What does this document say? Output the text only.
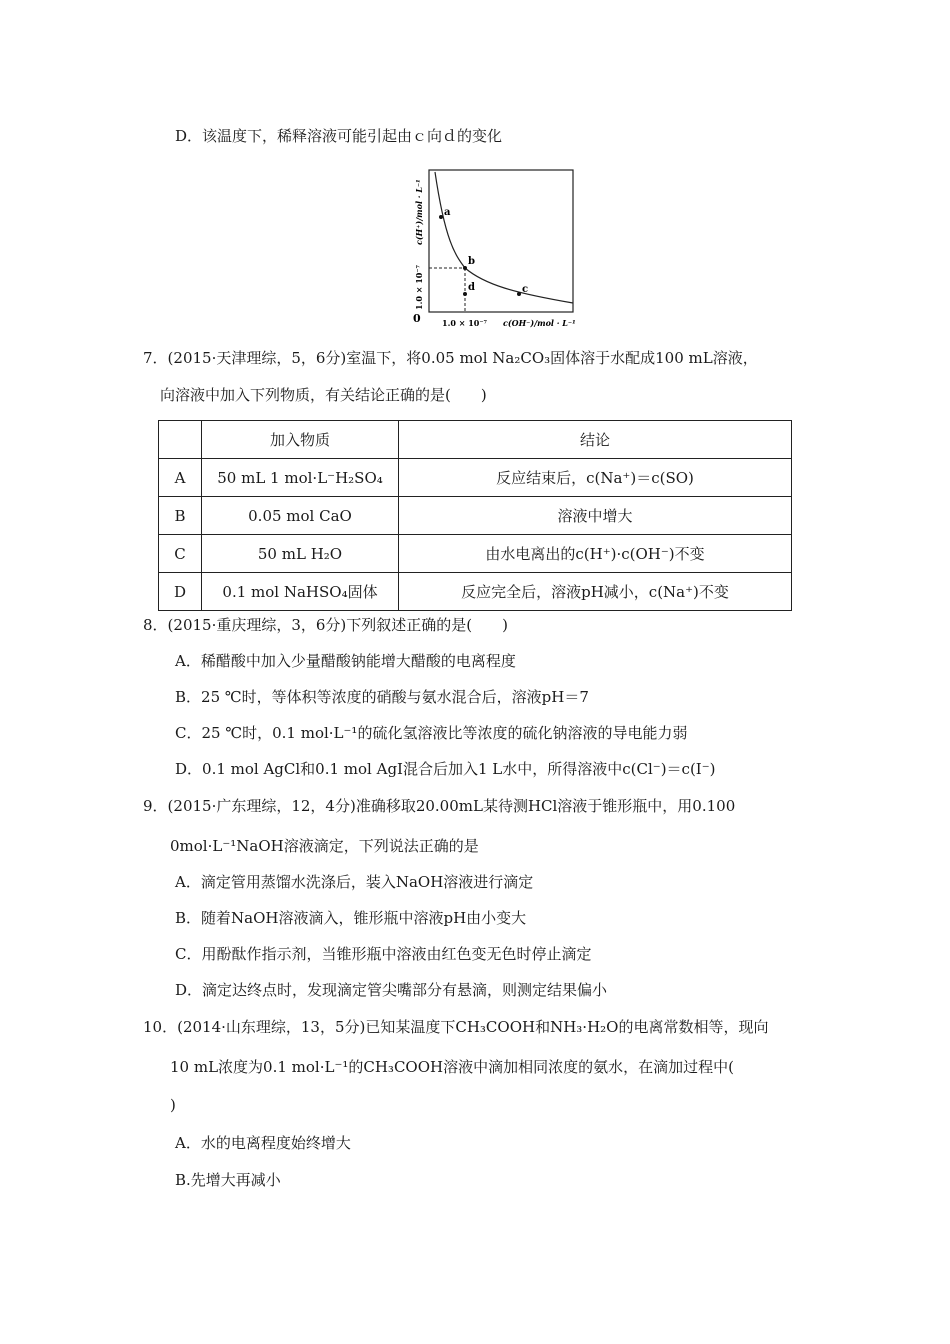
D．该温度下，稀释溶液可能引起由ｃ向ｄ的变化
a
b
c
d
0	1.0 × 10⁻⁷ c(OH⁻)/mol · L⁻¹
1.0 × 10⁻⁷
c(H⁺)/mol · L⁻¹
7．(2015·天津理综，5，6分)室温下，将0.05 mol Na₂CO₃固体溶于水配成100 mL溶液，
向溶液中加入下列物质，有关结论正确的是(　　)
	加入物质	结论
A	50 mL 1 mol·L⁻H₂SO₄	反应结束后，c(Na⁺)＝c(SO)
B	0.05 mol CaO	溶液中增大
C	50 mL H₂O	由水电离出的c(H⁺)·c(OH⁻)不变
D	0.1 mol NaHSO₄固体	反应完全后，溶液pH减小，c(Na⁺)不变
8．(2015·重庆理综，3，6分)下列叙述正确的是(　　)
A．稀醋酸中加入少量醋酸钠能增大醋酸的电离程度
B．25 ℃时，等体积等浓度的硝酸与氨水混合后，溶液pH＝7
C．25 ℃时，0.1 mol·L⁻¹的硫化氢溶液比等浓度的硫化钠溶液的导电能力弱
D．0.1 mol AgCl和0.1 mol AgI混合后加入1 L水中，所得溶液中c(Cl⁻)＝c(I⁻)
9．(2015·广东理综，12，4分)准确移取20.00mL某待测HCl溶液于锥形瓶中，用0.100
0mol·L⁻¹NaOH溶液滴定，下列说法正确的是
A．滴定管用蒸馏水洗涤后，装入NaOH溶液进行滴定
B．随着NaOH溶液滴入，锥形瓶中溶液pH由小变大
C．用酚酞作指示剂，当锥形瓶中溶液由红色变无色时停止滴定
D．滴定达终点时，发现滴定管尖嘴部分有悬滴，则测定结果偏小
10．(2014·山东理综，13，5分)已知某温度下CH₃COOH和NH₃·H₂O的电离常数相等，现向
10 mL浓度为0.1 mol·L⁻¹的CH₃COOH溶液中滴加相同浓度的氨水，在滴加过程中(
)
A．水的电离程度始终增大
B.先增大再减小
